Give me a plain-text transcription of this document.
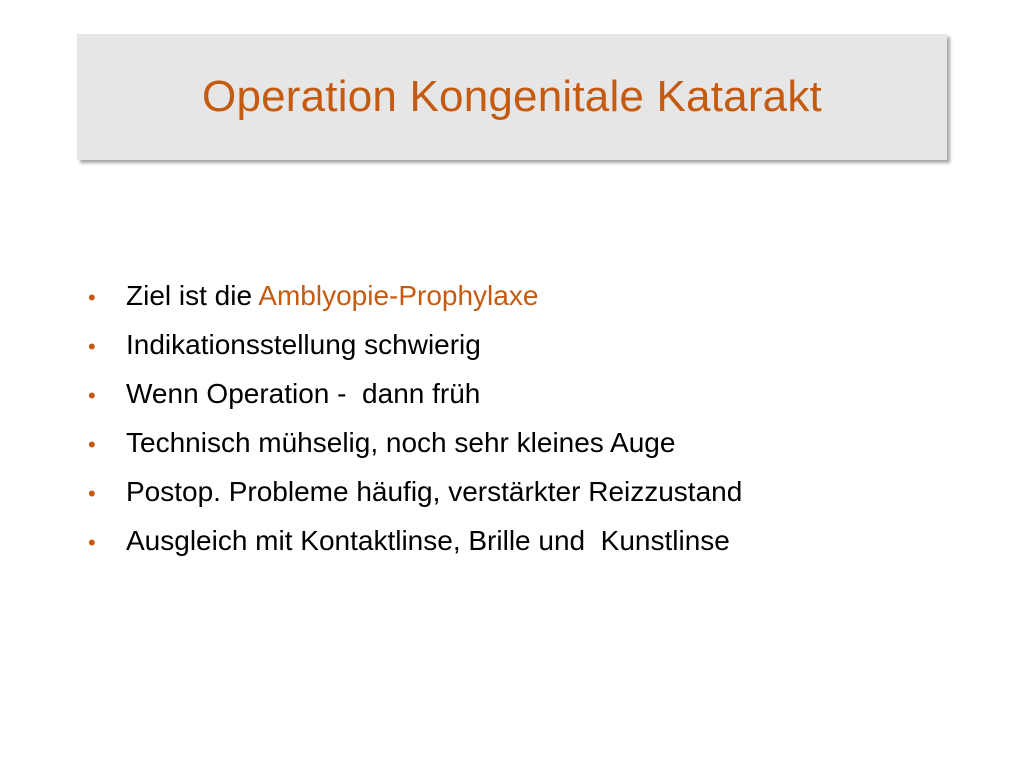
Operation Kongenitale Katarakt
•	Ziel ist die Amblyopie-Prophylaxe
•	Indikationsstellung schwierig
•	Wenn Operation -  dann früh
•	Technisch mühselig, noch sehr kleines Auge
•	Postop. Probleme häufig, verstärkter Reizzustand
•	Ausgleich mit Kontaktlinse, Brille und  Kunstlinse
